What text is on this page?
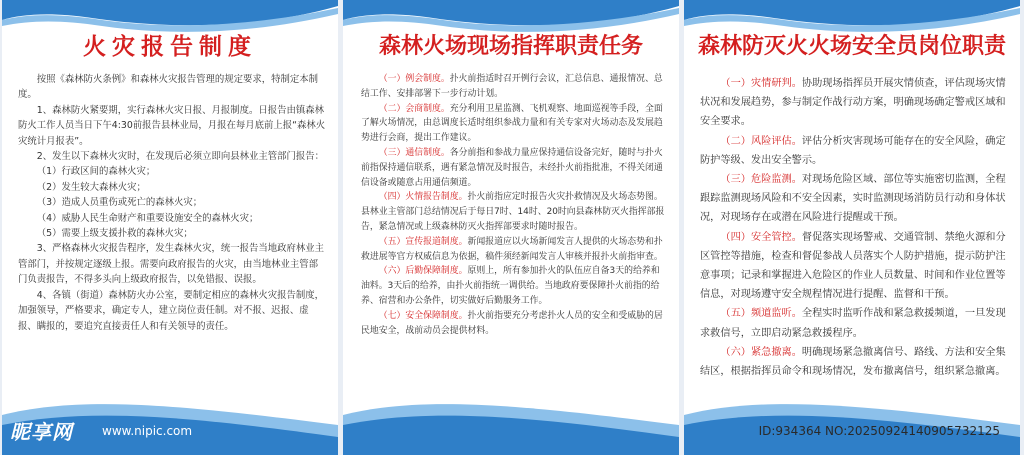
火灾报告制度

按照《森林防火条例》和森林火灾报告管理的规定要求，特制定本制度。

1、森林防火紧要期，实行森林火灾日报、月报制度。日报告由镇森林防火工作人员当日下午4:30前报告县林业局，月报在每月底前上报“森林火灾统计月报表”。

2、发生以下森林火灾时，在发现后必须立即向县林业主管部门报告：

（1）行政区间的森林火灾；

（2）发生较大森林火灾；

（3）造成人员重伤或死亡的森林火灾；

（4）威胁人民生命财产和重要设施安全的森林火灾；

（5）需要上级支援扑救的森林火灾；

3、严格森林火灾报告程序，发生森林火灾，统一报告当地政府林业主管部门，并按规定逐级上报。需要向政府报告的火灾，由当地林业主管部门负责报告，不得多头向上级政府报告，以免错报、误报。

4、各镇（街道）森林防火办公室，要制定相应的森林火灾报告制度，加强领导，严格要求，确定专人，建立岗位责任制。对不报、迟报、虚报、瞒报的，要追究直接责任人和有关领导的责任。

昵享网 www.nipic.com
森林火场现场指挥职责任务

（一）例会制度。扑火前指适时召开例行会议，汇总信息、通报情况、总结工作、安排部署下一步行动计划。

（二）会商制度。充分利用卫星监测、飞机观察、地面巡视等手段，全面了解火场情况，由总调度长适时组织参战力量和有关专家对火场动态及发展趋势进行会商，提出工作建议。

（三）通信制度。各分前指和参战力量应保持通信设备完好，随时与扑火前指保持通信联系，遇有紧急情况及时报告，未经扑火前指批准，不得关闭通信设备或随意占用通信频道。

（四）火情报告制度。扑火前指应定时报告火灾扑救情况及火场态势图。县林业主管部门总结情况后于每日7时、14时、20时向县森林防灭火指挥部报告，紧急情况或上级森林防灭火指挥部要求时随时报告。

（五）宣传报道制度。新闻报道应以火场新闻发言人提供的火场态势和扑救进展等官方权威信息为依据，稿件须经新闻发言人审核并报扑火前指审查。

（六）后勤保障制度。原则上，所有参加扑火的队伍应自备3天的给养和油料。3天后的给养，由扑火前指统一调供给。当地政府要保障扑火前指的给养、宿营和办公条件，切实做好后勤服务工作。

（七）安全保障制度。扑火前指要充分考虑扑火人员的安全和受威胁的居民地安全，战前动员会提供材料。

森林防灭火火场安全员岗位职责

（一）灾情研判。协助现场指挥员开展灾情侦查，评估现场灾情状况和发展趋势，参与制定作战行动方案，明确现场确定警戒区域和安全要求。

（二）风险评估。评估分析灾害现场可能存在的安全风险，确定防护等级、发出安全警示。

（三）危险监测。对现场危险区域、部位等实施密切监测，全程跟踪监测现场风险和不安全因素，实时监测现场消防员行动和身体状况，对现场存在或潜在风险进行提醒或干预。

（四）安全管控。督促落实现场警戒、交通管制、禁绝火源和分区管控等措施，检查和督促参战人员落实个人防护措施，提示防护注意事项；记录和掌握进入危险区的作业人员数量、时间和作业位置等信息，对现场遵守安全规程情况进行提醒、监督和干预。

（五）频道监听。全程实时监听作战和紧急救援频道，一旦发现求救信号，立即启动紧急救援程序。

（六）紧急撤离。明确现场紧急撤离信号、路线、方法和安全集结区，根据指挥员命令和现场情况，发布撤离信号，组织紧急撤离。

ID:934364 NO:20250924140905732125
